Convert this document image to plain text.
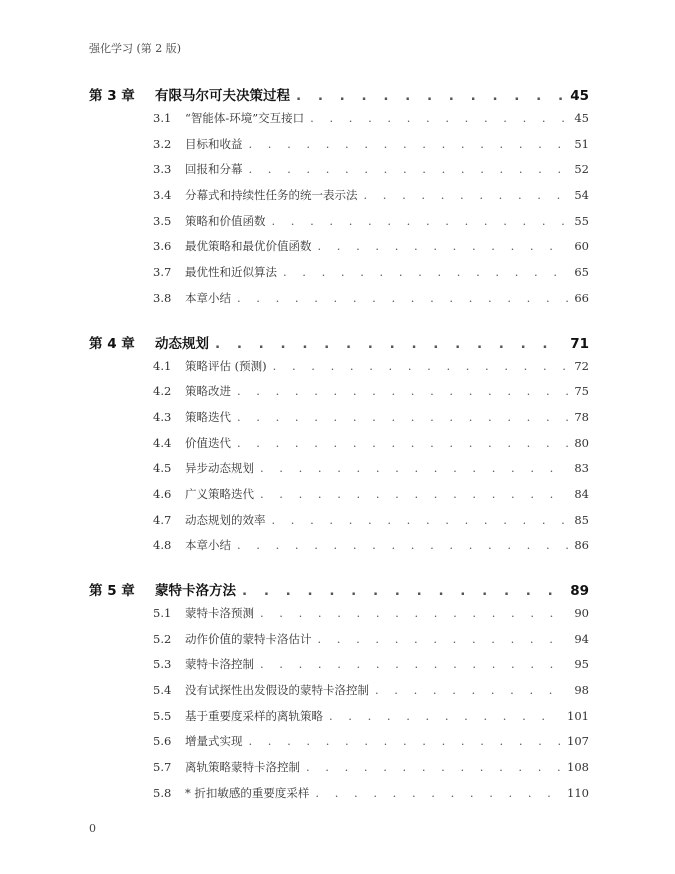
强化学习 (第 2 版)
第 3 章	有限马尔可夫决策过程 . . .	45
3.1	“智能体-环境”交互接口 . . .	45
3.2	目标和收益 . . .	51
3.3	回报和分幕 . . .	52
3.4	分幕式和持续性任务的统一表示法 . . .	54
3.5	策略和价值函数 . . .	55
3.6	最优策略和最优价值函数 . . .	60
3.7	最优性和近似算法 . . .	65
3.8	本章小结 . . .	66
第 4 章	动态规划 . . .	71
4.1	策略评估 (预测) . . .	72
4.2	策略改进 . . .	75
4.3	策略迭代 . . .	78
4.4	价值迭代 . . .	80
4.5	异步动态规划 . . .	83
4.6	广义策略迭代 . . .	84
4.7	动态规划的效率 . . .	85
4.8	本章小结 . . .	86
第 5 章	蒙特卡洛方法 . . .	89
5.1	蒙特卡洛预测 . . .	90
5.2	动作价值的蒙特卡洛估计 . . .	94
5.3	蒙特卡洛控制 . . .	95
5.4	没有试探性出发假设的蒙特卡洛控制 . . .	98
5.5	基于重要度采样的离轨策略 . . .	101
5.6	增量式实现 . . .	107
5.7	离轨策略蒙特卡洛控制 . . .	108
5.8	* 折扣敏感的重要度采样 . . .	110
0
